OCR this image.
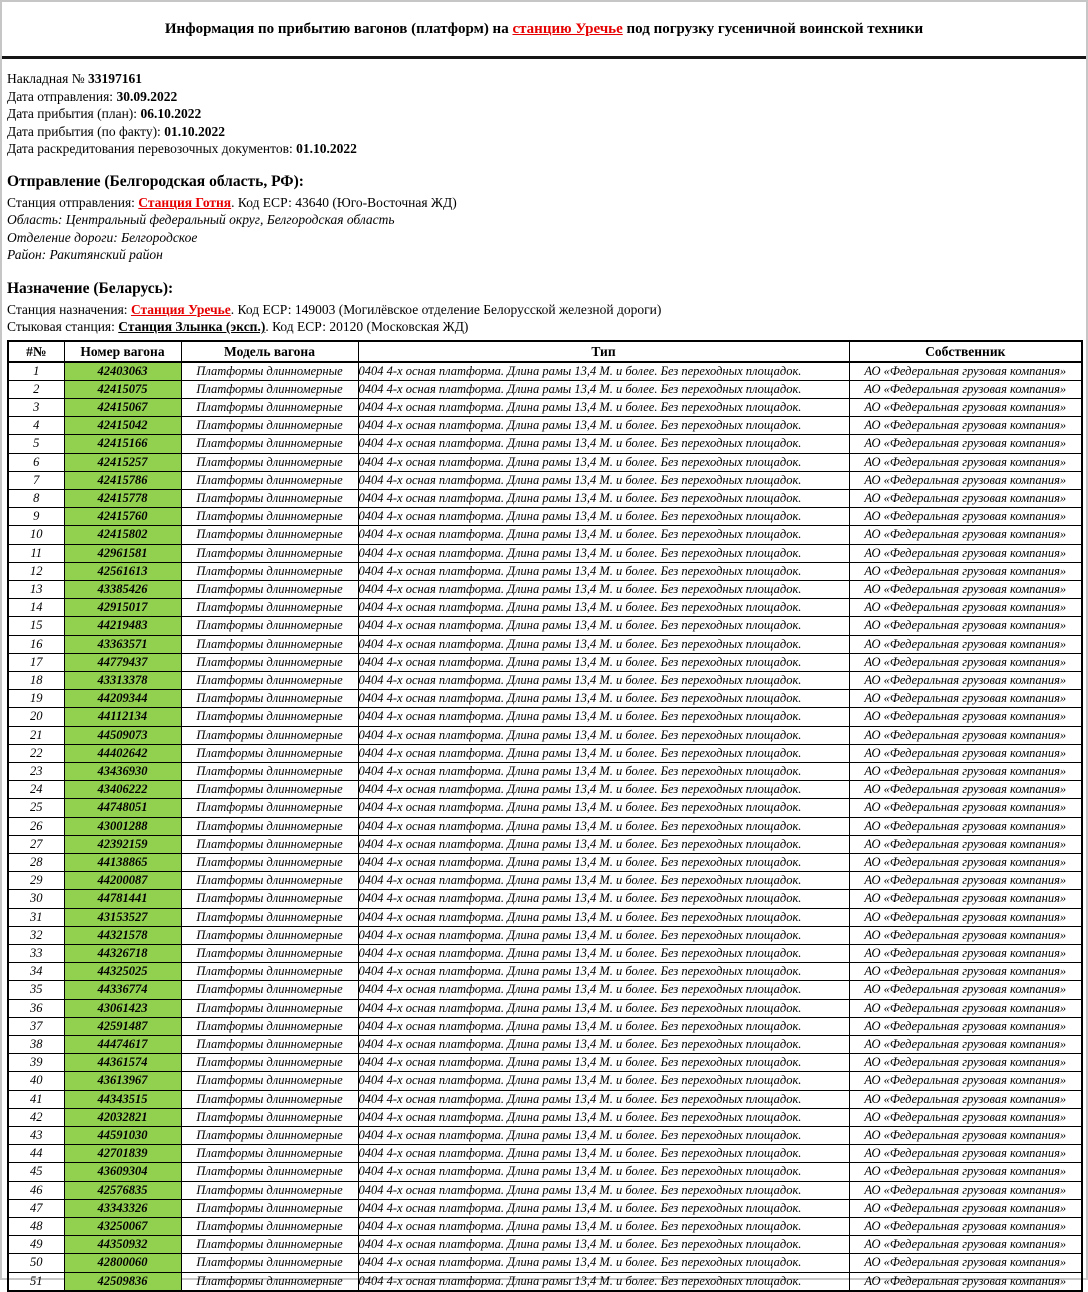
Информация по прибытию вагонов (платформ) на станцию Уречье под погрузку гусеничной воинской техники
Накладная № 33197161
Дата отправления: 30.09.2022
Дата прибытия (план): 06.10.2022
Дата прибытия (по факту): 01.10.2022
Дата раскредитования перевозочных документов: 01.10.2022
Отправление (Белгородская область, РФ):
Станция отправления: Станция Готня. Код ЕСР: 43640 (Юго-Восточная ЖД)
Область: Центральный федеральный округ, Белгородская область
Отделение дороги: Белгородское
Район: Ракитянский район
Назначение (Беларусь):
Станция назначения: Станция Уречье. Код ЕСР: 149003 (Могилёвское отделение Белорусской железной дороги)
Стыковая станция: Станция Злынка (эксп.). Код ЕСР: 20120 (Московская ЖД)
#№	Номер вагона	Модель вагона	Тип	Собственник
1	42403063	Платформы длинномерные	0404 4-х осная платформа. Длина рамы 13,4 М. и более. Без переходных площадок.	АО «Федеральная грузовая компания»
2	42415075	Платформы длинномерные	0404 4-х осная платформа. Длина рамы 13,4 М. и более. Без переходных площадок.	АО «Федеральная грузовая компания»
3	42415067	Платформы длинномерные	0404 4-х осная платформа. Длина рамы 13,4 М. и более. Без переходных площадок.	АО «Федеральная грузовая компания»
4	42415042	Платформы длинномерные	0404 4-х осная платформа. Длина рамы 13,4 М. и более. Без переходных площадок.	АО «Федеральная грузовая компания»
5	42415166	Платформы длинномерные	0404 4-х осная платформа. Длина рамы 13,4 М. и более. Без переходных площадок.	АО «Федеральная грузовая компания»
6	42415257	Платформы длинномерные	0404 4-х осная платформа. Длина рамы 13,4 М. и более. Без переходных площадок.	АО «Федеральная грузовая компания»
7	42415786	Платформы длинномерные	0404 4-х осная платформа. Длина рамы 13,4 М. и более. Без переходных площадок.	АО «Федеральная грузовая компания»
8	42415778	Платформы длинномерные	0404 4-х осная платформа. Длина рамы 13,4 М. и более. Без переходных площадок.	АО «Федеральная грузовая компания»
9	42415760	Платформы длинномерные	0404 4-х осная платформа. Длина рамы 13,4 М. и более. Без переходных площадок.	АО «Федеральная грузовая компания»
10	42415802	Платформы длинномерные	0404 4-х осная платформа. Длина рамы 13,4 М. и более. Без переходных площадок.	АО «Федеральная грузовая компания»
11	42961581	Платформы длинномерные	0404 4-х осная платформа. Длина рамы 13,4 М. и более. Без переходных площадок.	АО «Федеральная грузовая компания»
12	42561613	Платформы длинномерные	0404 4-х осная платформа. Длина рамы 13,4 М. и более. Без переходных площадок.	АО «Федеральная грузовая компания»
13	43385426	Платформы длинномерные	0404 4-х осная платформа. Длина рамы 13,4 М. и более. Без переходных площадок.	АО «Федеральная грузовая компания»
14	42915017	Платформы длинномерные	0404 4-х осная платформа. Длина рамы 13,4 М. и более. Без переходных площадок.	АО «Федеральная грузовая компания»
15	44219483	Платформы длинномерные	0404 4-х осная платформа. Длина рамы 13,4 М. и более. Без переходных площадок.	АО «Федеральная грузовая компания»
16	43363571	Платформы длинномерные	0404 4-х осная платформа. Длина рамы 13,4 М. и более. Без переходных площадок.	АО «Федеральная грузовая компания»
17	44779437	Платформы длинномерные	0404 4-х осная платформа. Длина рамы 13,4 М. и более. Без переходных площадок.	АО «Федеральная грузовая компания»
18	43313378	Платформы длинномерные	0404 4-х осная платформа. Длина рамы 13,4 М. и более. Без переходных площадок.	АО «Федеральная грузовая компания»
19	44209344	Платформы длинномерные	0404 4-х осная платформа. Длина рамы 13,4 М. и более. Без переходных площадок.	АО «Федеральная грузовая компания»
20	44112134	Платформы длинномерные	0404 4-х осная платформа. Длина рамы 13,4 М. и более. Без переходных площадок.	АО «Федеральная грузовая компания»
21	44509073	Платформы длинномерные	0404 4-х осная платформа. Длина рамы 13,4 М. и более. Без переходных площадок.	АО «Федеральная грузовая компания»
22	44402642	Платформы длинномерные	0404 4-х осная платформа. Длина рамы 13,4 М. и более. Без переходных площадок.	АО «Федеральная грузовая компания»
23	43436930	Платформы длинномерные	0404 4-х осная платформа. Длина рамы 13,4 М. и более. Без переходных площадок.	АО «Федеральная грузовая компания»
24	43406222	Платформы длинномерные	0404 4-х осная платформа. Длина рамы 13,4 М. и более. Без переходных площадок.	АО «Федеральная грузовая компания»
25	44748051	Платформы длинномерные	0404 4-х осная платформа. Длина рамы 13,4 М. и более. Без переходных площадок.	АО «Федеральная грузовая компания»
26	43001288	Платформы длинномерные	0404 4-х осная платформа. Длина рамы 13,4 М. и более. Без переходных площадок.	АО «Федеральная грузовая компания»
27	42392159	Платформы длинномерные	0404 4-х осная платформа. Длина рамы 13,4 М. и более. Без переходных площадок.	АО «Федеральная грузовая компания»
28	44138865	Платформы длинномерные	0404 4-х осная платформа. Длина рамы 13,4 М. и более. Без переходных площадок.	АО «Федеральная грузовая компания»
29	44200087	Платформы длинномерные	0404 4-х осная платформа. Длина рамы 13,4 М. и более. Без переходных площадок.	АО «Федеральная грузовая компания»
30	44781441	Платформы длинномерные	0404 4-х осная платформа. Длина рамы 13,4 М. и более. Без переходных площадок.	АО «Федеральная грузовая компания»
31	43153527	Платформы длинномерные	0404 4-х осная платформа. Длина рамы 13,4 М. и более. Без переходных площадок.	АО «Федеральная грузовая компания»
32	44321578	Платформы длинномерные	0404 4-х осная платформа. Длина рамы 13,4 М. и более. Без переходных площадок.	АО «Федеральная грузовая компания»
33	44326718	Платформы длинномерные	0404 4-х осная платформа. Длина рамы 13,4 М. и более. Без переходных площадок.	АО «Федеральная грузовая компания»
34	44325025	Платформы длинномерные	0404 4-х осная платформа. Длина рамы 13,4 М. и более. Без переходных площадок.	АО «Федеральная грузовая компания»
35	44336774	Платформы длинномерные	0404 4-х осная платформа. Длина рамы 13,4 М. и более. Без переходных площадок.	АО «Федеральная грузовая компания»
36	43061423	Платформы длинномерные	0404 4-х осная платформа. Длина рамы 13,4 М. и более. Без переходных площадок.	АО «Федеральная грузовая компания»
37	42591487	Платформы длинномерные	0404 4-х осная платформа. Длина рамы 13,4 М. и более. Без переходных площадок.	АО «Федеральная грузовая компания»
38	44474617	Платформы длинномерные	0404 4-х осная платформа. Длина рамы 13,4 М. и более. Без переходных площадок.	АО «Федеральная грузовая компания»
39	44361574	Платформы длинномерные	0404 4-х осная платформа. Длина рамы 13,4 М. и более. Без переходных площадок.	АО «Федеральная грузовая компания»
40	43613967	Платформы длинномерные	0404 4-х осная платформа. Длина рамы 13,4 М. и более. Без переходных площадок.	АО «Федеральная грузовая компания»
41	44343515	Платформы длинномерные	0404 4-х осная платформа. Длина рамы 13,4 М. и более. Без переходных площадок.	АО «Федеральная грузовая компания»
42	42032821	Платформы длинномерные	0404 4-х осная платформа. Длина рамы 13,4 М. и более. Без переходных площадок.	АО «Федеральная грузовая компания»
43	44591030	Платформы длинномерные	0404 4-х осная платформа. Длина рамы 13,4 М. и более. Без переходных площадок.	АО «Федеральная грузовая компания»
44	42701839	Платформы длинномерные	0404 4-х осная платформа. Длина рамы 13,4 М. и более. Без переходных площадок.	АО «Федеральная грузовая компания»
45	43609304	Платформы длинномерные	0404 4-х осная платформа. Длина рамы 13,4 М. и более. Без переходных площадок.	АО «Федеральная грузовая компания»
46	42576835	Платформы длинномерные	0404 4-х осная платформа. Длина рамы 13,4 М. и более. Без переходных площадок.	АО «Федеральная грузовая компания»
47	43343326	Платформы длинномерные	0404 4-х осная платформа. Длина рамы 13,4 М. и более. Без переходных площадок.	АО «Федеральная грузовая компания»
48	43250067	Платформы длинномерные	0404 4-х осная платформа. Длина рамы 13,4 М. и более. Без переходных площадок.	АО «Федеральная грузовая компания»
49	44350932	Платформы длинномерные	0404 4-х осная платформа. Длина рамы 13,4 М. и более. Без переходных площадок.	АО «Федеральная грузовая компания»
50	42800060	Платформы длинномерные	0404 4-х осная платформа. Длина рамы 13,4 М. и более. Без переходных площадок.	АО «Федеральная грузовая компания»
51	42509836	Платформы длинномерные	0404 4-х осная платформа. Длина рамы 13,4 М. и более. Без переходных площадок.	АО «Федеральная грузовая компания»
